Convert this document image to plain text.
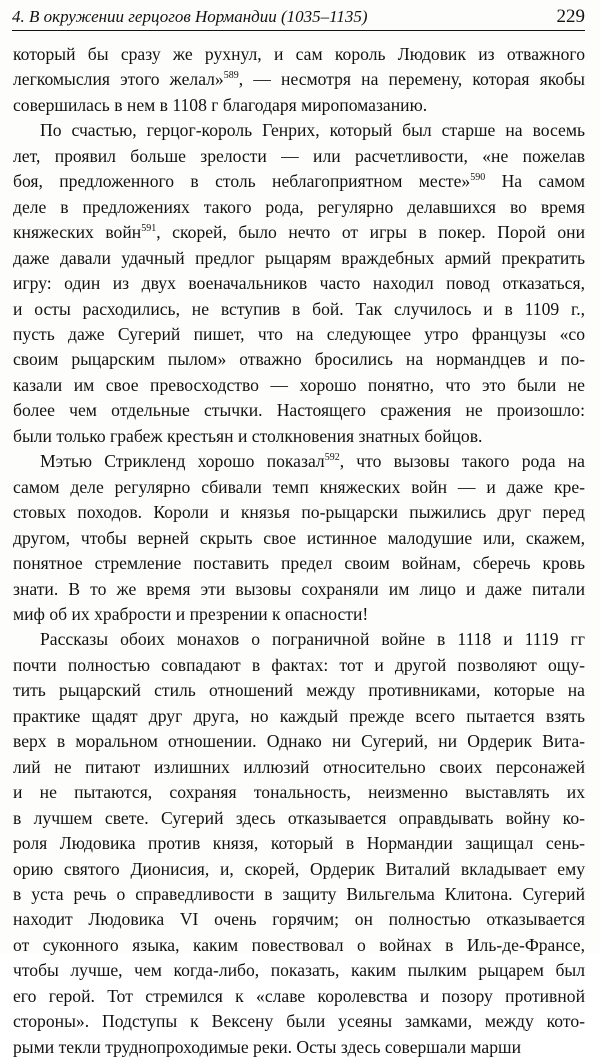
4. В окружении герцогов Нормандии (1035–1135)	229
который бы сразу же рухнул, и сам король Людовик из отважного
легкомыслия этого желал»$^{589}$, — несмотря на перемену, которая якобы
совершилась в нем в 1108 г благодаря миропомазанию.
По счастью, герцог-король Генрих, который был старше на восемь
лет, проявил больше зрелости — или расчетливости, «не пожелав
боя, предложенного в столь неблагоприятном месте»$^{590}$ На самом
деле в предложениях такого рода, регулярно делавшихся во время
княжеских войн$^{591}$, скорей, было нечто от игры в покер. Порой они
даже давали удачный предлог рыцарям враждебных армий прекратить
игру: один из двух военачальников часто находил повод отказаться,
и осты расходились, не вступив в бой. Так случилось и в 1109 г.,
пусть даже Сугерий пишет, что на следующее утро французы «со
своим рыцарским пылом» отважно бросились на нормандцев и по-
казали им свое превосходство — хорошо понятно, что это были не
более чем отдельные стычки. Настоящего сражения не произошло:
были только грабеж крестьян и столкновения знатных бойцов.
Мэтью Стрикленд хорошо показал$^{592}$, что вызовы такого рода на
самом деле регулярно сбивали темп княжеских войн — и даже кре-
стовых походов. Короли и князья по-рыцарски пыжились друг перед
другом, чтобы верней скрыть свое истинное малодушие или, скажем,
понятное стремление поставить предел своим войнам, сберечь кровь
знати. В то же время эти вызовы сохраняли им лицо и даже питали
миф об их храбрости и презрении к опасности!
Рассказы обоих монахов о пограничной войне в 1118 и 1119 гг
почти полностью совпадают в фактах: тот и другой позволяют ощу-
тить рыцарский стиль отношений между противниками, которые на
практике щадят друг друга, но каждый прежде всего пытается взять
верх в моральном отношении. Однако ни Сугерий, ни Ордерик Вита-
лий не питают излишних иллюзий относительно своих персонажей
и не пытаются, сохраняя тональность, неизменно выставлять их
в лучшем свете. Сугерий здесь отказывается оправдывать войну ко-
роля Людовика против князя, который в Нормандии защищал сень-
орию святого Дионисия, и, скорей, Ордерик Виталий вкладывает ему
в уста речь о справедливости в защиту Вильгельма Клитона. Сугерий
находит Людовика VI очень горячим; он полностью отказывается
от суконного языка, каким повествовал о войнах в Иль-де-Франсе,
чтобы лучше, чем когда-либо, показать, каким пылким рыцарем был
его герой. Тот стремился к «славе королевства и позору противной
стороны». Подступы к Вексену были усеяны замками, между кото-
рыми текли труднопроходимые реки. Осты здесь совершали марши
